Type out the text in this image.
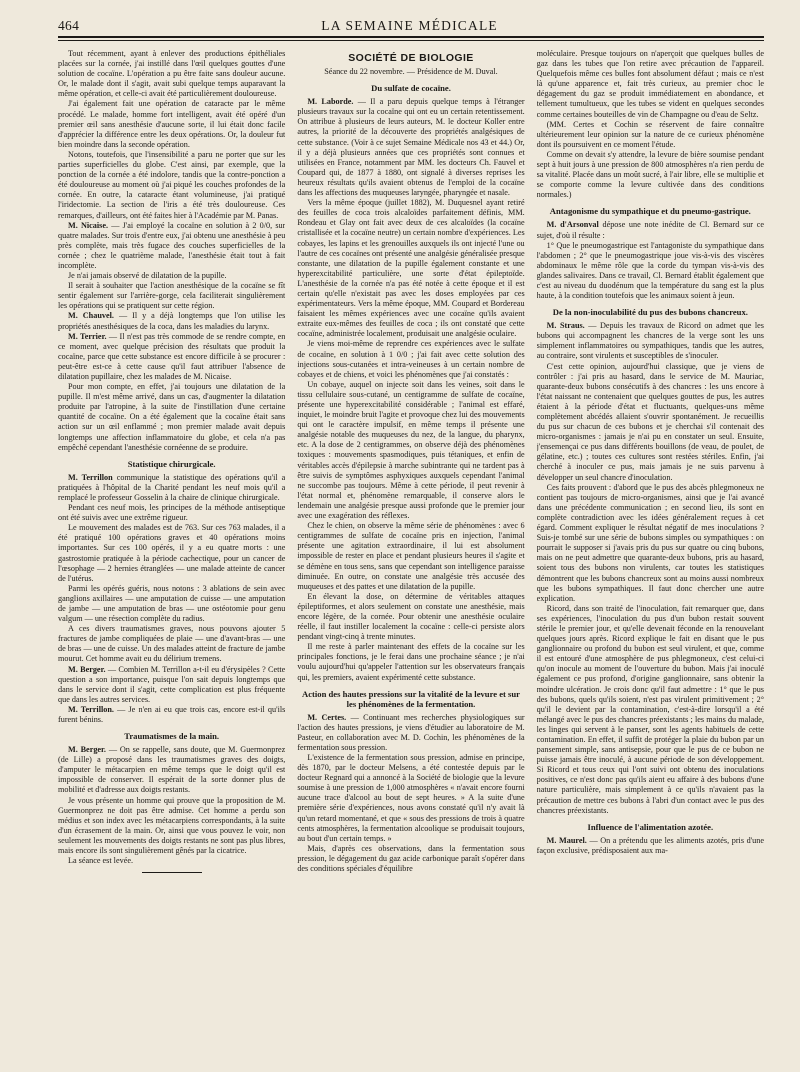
464	LA SEMAINE MÉDICALE

Tout récemment, ayant à enlever des productions épithéliales placées sur la cornée, j'ai instillé dans l'œil quelques gouttes d'une solution de cocaïne. L'opération a pu être faite sans douleur aucune. Or, le malade dont il s'agit, avait subi quelque temps auparavant la même opération, et celle-ci avait été particulièrement douloureuse.

J'ai également fait une opération de cataracte par le même procédé. Le malade, homme fort intelligent, avait été opéré d'un premier œil sans anesthésie d'aucune sorte, il lui était donc facile d'apprécier la différence entre les deux opérations. Or, la douleur fut bien moindre dans la seconde opération.

Notons, toutefois, que l'insensibilité a paru ne porter que sur les parties superficielles du globe. C'est ainsi, par exemple, que la ponction de la cornée a été indolore, tandis que la contre-ponction a été douloureuse au moment où j'ai piqué les couches profondes de la cornée. En outre, la cataracte étant volumineuse, j'ai pratiqué l'iridectomie. La section de l'iris a été très douloureuse. Ces remarques, d'ailleurs, ont été faites hier à l'Académie par M. Panas.

M. Nicaise. — J'ai employé la cocaïne en solution à 2 0/0, sur quatre malades. Sur trois d'entre eux, j'ai obtenu une anesthésie à peu près complète, mais très fugace des couches superficielles de la cornée ; chez le quatrième malade, l'anesthésie était tout à fait incomplète.

Je n'ai jamais observé de dilatation de la pupille.

Il serait à souhaiter que l'action anesthésique de la cocaïne se fît sentir également sur l'arrière-gorge, cela faciliterait singulièrement les opérations qui se pratiquent sur cette région.

M. Chauvel. — Il y a déjà longtemps que l'on utilise les propriétés anesthésiques de la coca, dans les maladies du larynx.

M. Terrier. — Il n'est pas très commode de se rendre compte, en ce moment, avec quelque précision des résultats que produit la cocaïne, parce que cette substance est encore difficile à se procurer : peut-être est-ce à cette cause qu'il faut attribuer l'absence de dilatation pupillaire, chez les malades de M. Nicaise.

Pour mon compte, en effet, j'ai toujours une dilatation de la pupille. Il m'est même arrivé, dans un cas, d'augmenter la dilatation produite par l'atropine, à la suite de l'instillation d'une certaine quantité de cocaïne. On a été également que la cocaïne était sans action sur un œil enflammé ; mon premier malade avait depuis longtemps une affection inflammatoire du globe, et cela n'a pas empêché cependant l'anesthésie cornéenne de se produire.

Statistique chirurgicale.

M. Terrillon communique la statistique des opérations qu'il a pratiquées à l'hôpital de la Charité pendant les neuf mois qu'il a remplacé le professeur Gosselin à la chaire de clinique chirurgicale.

Pendant ces neuf mois, les principes de la méthode antiseptique ont été suivis avec une extrême rigueur.

Le mouvement des malades est de 763. Sur ces 763 malades, il a été pratiqué 100 opérations graves et 40 opérations moins importantes. Sur ces 100 opérés, il y a eu quatre morts : une gastrostomie pratiquée à la période cachectique, pour un cancer de l'œsophage — 2 hernies étranglées — une malade atteinte de cancer de l'utérus.

Parmi les opérés guéris, nous notons : 3 ablations de sein avec ganglions axillaires — une amputation de cuisse — une amputation de jambe — une amputation de bras — une ostéotomie pour genu valgum — une résection complète du radius.

A ces divers traumatismes graves, nous pouvons ajouter 5 fractures de jambe compliquées de plaie — une d'avant-bras — une de bras — une de cuisse. Un des malades atteint de fracture de jambe mourut. Cet homme avait eu du délirium tremens.

M. Berger. — Combien M. Terrillon a-t-il eu d'érysipèles ? Cette question a son importance, puisque l'on sait depuis longtemps que dans le service dont il s'agit, cette complication est plus fréquente que dans les autres services.

M. Terrillon. — Je n'en ai eu que trois cas, encore est-il qu'ils furent bénins.

Traumatismes de la main.

M. Berger. — On se rappelle, sans doute, que M. Guermonprez (de Lille) a proposé dans les traumatismes graves des doigts, d'amputer le métacarpien en même temps que le doigt qu'il est impossible de conserver. Il espérait de la sorte donner plus de mobilité et d'adresse aux doigts restants.

Je vous présente un homme qui prouve que la proposition de M. Guermonprez ne doit pas être admise. Cet homme a perdu son médius et son index avec les métacarpiens correspondants, à la suite d'un écrasement de la main. Or, ainsi que vous pouvez le voir, non seulement les mouvements des doigts restants ne sont pas plus libres, mais encore ils sont singulièrement gênés par la cicatrice.

La séance est levée.

SOCIÉTÉ DE BIOLOGIE
Séance du 22 novembre. — Présidence de M. Duval.
Du sulfate de cocaïne.

M. Laborde. — Il a paru depuis quelque temps à l'étranger plusieurs travaux sur la cocaïne qui ont eu un certain retentissement. On attribue à plusieurs de leurs auteurs, M. le docteur Koller entre autres, la priorité de la découverte des propriétés analgésiques de cette substance. (Voir à ce sujet Semaine Médicale nos 43 et 44.) Or, il y a déjà plusieurs années que ces propriétés sont connues et utilisées en France, notamment par MM. les docteurs Ch. Fauvel et Coupard qui, de 1877 à 1880, ont signalé à diverses reprises les heureux résultats qu'ils avaient obtenus de l'emploi de la cocaïne dans les affections des muqueuses laryngée, pharyngée et nasale.

Vers la même époque (juillet 1882), M. Duquesnel ayant retiré des feuilles de coca trois alcaloïdes parfaitement définis, MM. Rondeau et Glay ont fait avec deux de ces alcaloïdes (la cocaïne cristallisée et la cocaïne neutre) un certain nombre d'expériences. Les cobayes, les lapins et les grenouilles auxquels ils ont injecté l'une ou l'autre de ces cocaïnes ont présenté une analgésie généralisée presque constante, une dilatation de la pupille également constante et une hyperexcitabilité particulière, une sorte d'état épileptoïde. L'anesthésie de la cornée n'a pas été notée à cette époque et il est certain qu'elle n'existait pas avec les doses employées par ces expérimentateurs. Vers la même époque, MM. Coupard et Bordereau faisaient les mêmes expériences avec une cocaïne qu'ils avaient extraite eux-mêmes des feuilles de coca ; ils ont constaté que cette cocaïne, administrée localement, produisait une analgésie oculaire.

Je viens moi-même de reprendre ces expériences avec le sulfate de cocaïne, en solution à 1 0/0 ; j'ai fait avec cette solution des injections sous-cutanées et intra-veineuses à un certain nombre de cobayes et de chiens, et voici les phénomènes que j'ai constatés :

Un cobaye, auquel on injecte soit dans les veines, soit dans le tissu cellulaire sous-cutané, un centigramme de sulfate de cocaïne, présente une hyperexcitabilité considérable ; l'animal est effaré, inquiet, le moindre bruit l'agite et provoque chez lui des mouvements qui ont le caractère impulsif, en même temps il présente une analgésie notable des muqueuses du nez, de la langue, du pharynx, etc. A la dose de 2 centigrammes, on observe déjà des phénomènes toxiques : mouvements spasmodiques, puis tétaniques, et enfin de véritables accès d'épilepsie à marche subintrante qui ne tardent pas à être suivis de symptômes asphyxiques auxquels cependant l'animal ne succombe pas toujours. Même à cette période, il peut revenir à l'état normal et, phénomène remarquable, il conserve alors le lendemain une analgésie presque aussi profonde que le premier jour avec une exagération des réflexes.

Chez le chien, on observe la même série de phénomènes : avec 6 centigrammes de sulfate de cocaïne pris en injection, l'animal présente une agitation extraordinaire, il lui est absolument impossible de rester en place et pendant plusieurs heures il s'agite et se démène en tous sens, sans que cependant son intelligence paraisse diminuée. En outre, on constate une analgésie très accusée des muqueuses et des pattes et une dilatation de la pupille.

En élevant la dose, on détermine de véritables attaques épileptiformes, et alors seulement on constate une anesthésie, mais encore légère, de la cornée. Pour obtenir une anesthésie oculaire réelle, il faut instiller localement la cocaïne : celle-ci persiste alors pendant vingt-cinq à trente minutes.

Il me reste à parler maintenant des effets de la cocaïne sur les principales fonctions, je le ferai dans une prochaine séance ; je n'ai voulu aujourd'hui qu'appeler l'attention sur les observateurs français qui, les premiers, avaient expérimenté cette substance.

Action des hautes pressions sur la vitalité de la levure et sur les phénomènes de la fermentation.

M. Certes. — Continuant mes recherches physiologiques sur l'action des hautes pressions, je viens d'étudier au laboratoire de M. Pasteur, en collaboration avec M. D. Cochin, les phénomènes de la fermentation sous pression.

L'existence de la fermentation sous pression, admise en principe, dès 1870, par le docteur Melsens, a été contestée depuis par le docteur Regnard qui a annoncé à la Société de biologie que la levure soumise à une pression de 1,000 atmosphères « n'avait encore fourni aucune trace d'alcool au bout de sept heures. » A la suite d'une première série d'expériences, nous avons constaté qu'il n'y avait là qu'un retard momentané, et que « sous des pressions de trois à quatre cents atmosphères, la fermentation alcoolique se produisait toujours, au bout d'un certain temps. »

Mais, d'après ces observations, dans la fermentation sous pression, le dégagement du gaz acide carbonique paraît s'opérer dans des conditions spéciales d'équilibre

moléculaire. Presque toujours on n'aperçoit que quelques bulles de gaz dans les tubes que l'on retire avec précaution de l'appareil. Quelquefois même ces bulles font absolument défaut ; mais ce n'est là qu'une apparence et, fait très curieux, au premier choc le dégagement du gaz se produit immédiatement en abondance, et tellement tumultueux, que les tubes se vident en quelques secondes comme certaines bouteilles de vin de Champagne ou d'eau de Seltz.

(MM. Certes et Cochin se réservent de faire connaître ultérieurement leur opinion sur la nature de ce curieux phénomène dont ils poursuivent en ce moment l'étude.

Comme on devait s'y attendre, la levure de bière soumise pendant sept à huit jours à une pression de 800 atmosphères n'a rien perdu de sa vitalité. Placée dans un moût sucré, à l'air libre, elle se multiplie et se comporte comme la levure cultivée dans des conditions normales.)

Antagonisme du sympathique et du pneumo-gastrique.

M. d'Arsonval dépose une note inédite de Cl. Bernard sur ce sujet, d'où il résulte :

1° Que le pneumogastrique est l'antagoniste du sympathique dans l'abdomen ; 2° que le pneumogastrique joue vis-à-vis des viscères abdominaux le même rôle que la corde du tympan vis-à-vis des glandes salivaires. Dans ce travail, Cl. Bernard établit également que c'est au niveau du duodénum que la température du sang est la plus haute, à la condition toutefois que les animaux soient à jeun.

De la non-inoculabilité du pus des bubons chancreux.

M. Straus. — Depuis les travaux de Ricord on admet que les bubons qui accompagnent les chancres de la verge sont les uns simplement inflammatoires ou sympathiques, tandis que les autres, au contraire, sont virulents et susceptibles de s'inoculer.

C'est cette opinion, aujourd'hui classique, que je viens de contrôler : j'ai pris au hasard, dans le service de M. Mauriac, quarante-deux bubons consécutifs à des chancres : les uns encore à l'état naissant ne contenaient que quelques gouttes de pus, les autres étaient à la période d'état et fluctuants, quelques-uns même complètement abcédés allaient s'ouvrir spontanément. Je recueillis du pus sur chacun de ces bubons et je cherchai s'il contenait des micro-organismes : jamais je n'ai pu en constater un seul. Ensuite, j'ensemençai ce pus dans différents bouillons (de veau, de poulet, de gélatine, etc.) ; toutes ces cultures sont restées stériles. Enfin, j'ai cherché à inoculer ce pus, mais jamais je ne suis parvenu à développer un seul chancre d'inoculation.

Ces faits prouvent : d'abord que le pus des abcès phlegmoneux ne contient pas toujours de micro-organismes, ainsi que je l'ai avancé dans une précédente communication ; en second lieu, ils sont en complète contradiction avec les idées généralement reçues à cet égard. Comment expliquer le résultat négatif de mes inoculations ? Suis-je tombé sur une série de bubons simples ou sympathiques : on pourrait le supposer si j'avais pris du pus sur quatre ou cinq bubons, mais on ne peut admettre que quarante-deux bubons, pris au hasard, soient tous des bubons non virulents, car toutes les statistiques démontrent que les bubons chancreux sont au moins aussi nombreux que les bubons sympathiques. Il faut donc chercher une autre explication.

Ricord, dans son traité de l'inoculation, fait remarquer que, dans ses expériences, l'inoculation du pus d'un bubon restait souvent stérile le premier jour, et qu'elle devenait féconde en la renouvelant quelques jours après. Ricord explique le fait en disant que le pus ganglionnaire ou profond du bubon est seul virulent, et que, comme il est entouré d'une atmosphère de pus phlegmoneux, c'est celui-ci qu'on inocule au moment de l'ouverture du bubon. Mais j'ai inoculé également ce pus profond, d'origine ganglionnaire, sans obtenir la moindre ulcération. Je crois donc qu'il faut admettre : 1° que le pus des bubons, quels qu'ils soient, n'est pas virulent primitivement ; 2° qu'il le devient par la contamination, c'est-à-dire lorsqu'il a été mélangé avec le pus des chancres préexistants ; les mains du malade, les linges qui servent à le panser, sont les agents habituels de cette contamination. En effet, il suffit de protéger la plaie du bubon par un pansement simple, sans antisepsie, pour que le pus de ce bubon ne puisse jamais être inoculé, à aucune période de son développement. Si Ricord et tous ceux qui l'ont suivi ont obtenu des inoculations positives, ce n'est donc pas qu'ils aient eu affaire à des bubons d'une nature particulière, mais simplement à ce qu'ils n'avaient pas la précaution de mettre ces bubons à l'abri d'un contact avec le pus des chancres préexistants.

Influence de l'alimentation azotée.

M. Maurel. — On a prétendu que les aliments azotés, pris d'une façon exclusive, prédisposaient aux ma-
